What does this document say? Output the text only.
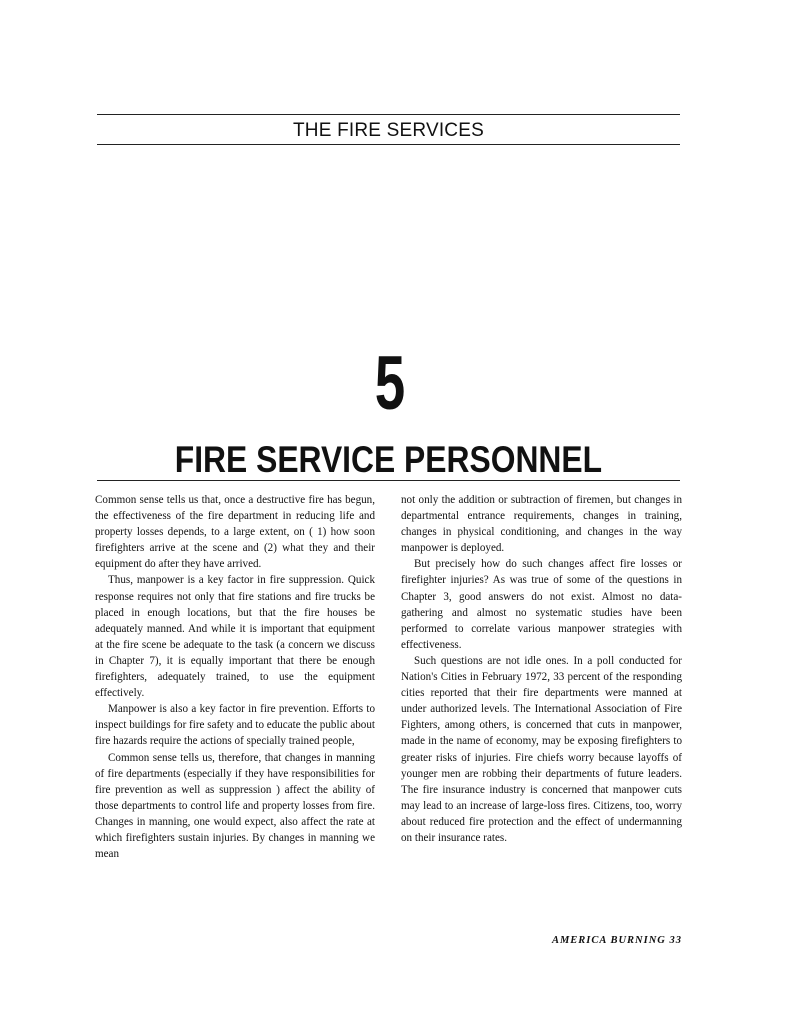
THE FIRE SERVICES
5
FIRE SERVICE PERSONNEL

Common sense tells us that, once a destructive fire has begun, the effectiveness of the fire department in reducing life and property losses depends, to a large extent, on ( 1) how soon firefighters arrive at the scene and (2) what they and their equipment do after they have arrived.

Thus, manpower is a key factor in fire suppression. Quick response requires not only that fire stations and fire trucks be placed in enough locations, but that the fire houses be adequately manned. And while it is important that equipment at the fire scene be adequate to the task (a concern we discuss in Chapter 7), it is equally important that there be enough firefighters, adequately trained, to use the equipment effectively.

Manpower is also a key factor in fire prevention. Efforts to inspect buildings for fire safety and to educate the public about fire hazards require the actions of specially trained people,

Common sense tells us, therefore, that changes in manning of fire departments (especially if they have responsibilities for fire prevention as well as suppression ) affect the ability of those departments to control life and property losses from fire. Changes in manning, one would expect, also affect the rate at which firefighters sustain injuries. By changes in manning we mean

not only the addition or subtraction of firemen, but changes in departmental entrance requirements, changes in training, changes in physical conditioning, and changes in the way manpower is deployed.

But precisely how do such changes affect fire losses or firefighter injuries? As was true of some of the questions in Chapter 3, good answers do not exist. Almost no data-gathering and almost no systematic studies have been performed to correlate various manpower strategies with effectiveness.

Such questions are not idle ones. In a poll conducted for Nation's Cities in February 1972, 33 percent of the responding cities reported that their fire departments were manned at under authorized levels. The International Association of Fire Fighters, among others, is concerned that cuts in manpower, made in the name of economy, may be exposing firefighters to greater risks of injuries. Fire chiefs worry because layoffs of younger men are robbing their departments of future leaders. The fire insurance industry is concerned that manpower cuts may lead to an increase of large-loss fires. Citizens, too, worry about reduced fire protection and the effect of undermanning on their insurance rates.

AMERICA BURNING 33
